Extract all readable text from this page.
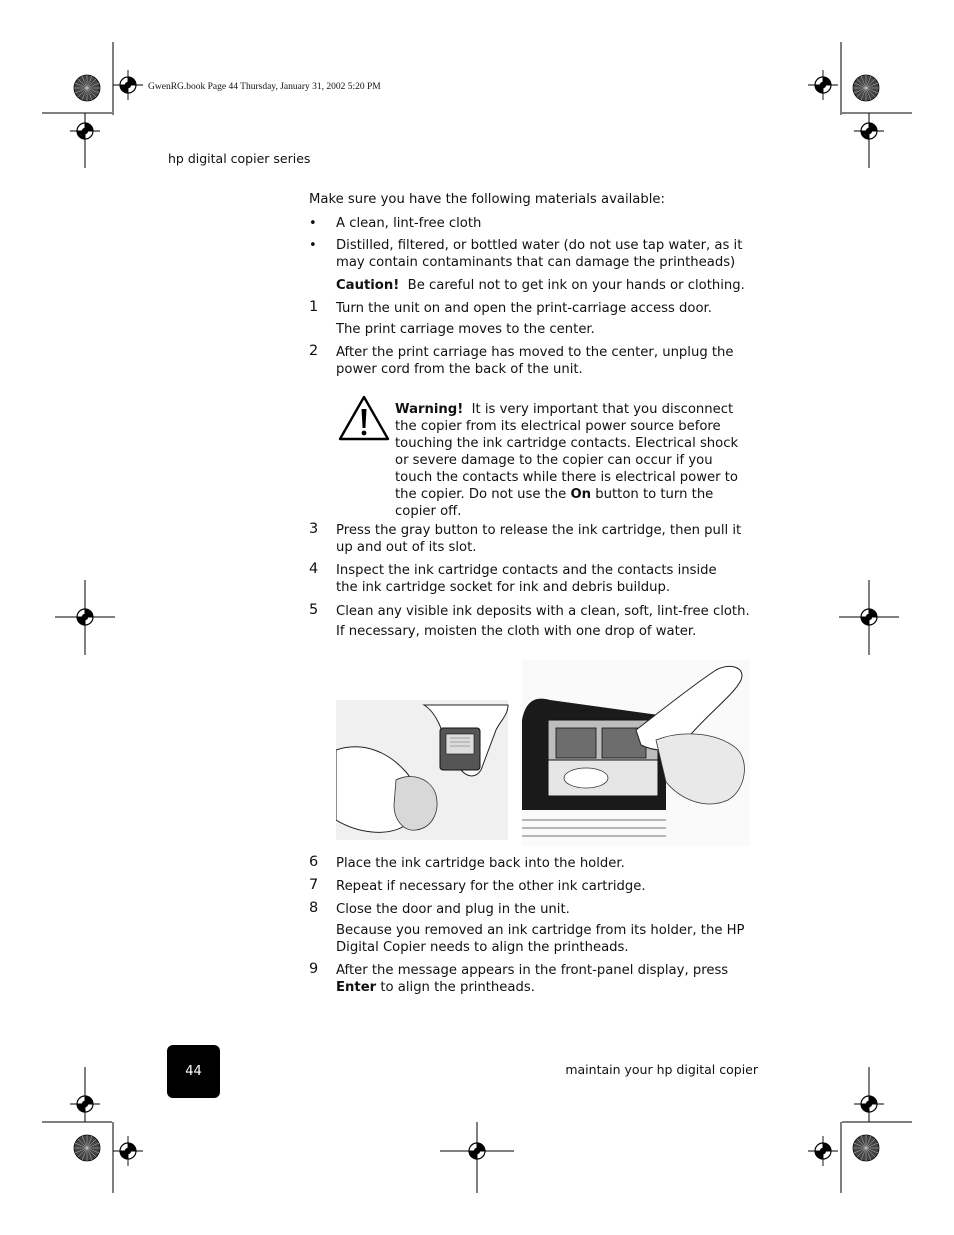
GwenRG.book Page 44 Thursday, January 31, 2002 5:20 PM
hp digital copier series
Make sure you have the following materials available:
• A clean, lint-free cloth
• Distilled, filtered, or bottled water (do not use tap water, as it may contain contaminants that can damage the printheads)
Caution! Be careful not to get ink on your hands or clothing.
1 Turn the unit on and open the print-carriage access door.
The print carriage moves to the center.
2 After the print carriage has moved to the center, unplug the power cord from the back of the unit.
Warning! It is very important that you disconnect the copier from its electrical power source before touching the ink cartridge contacts. Electrical shock or severe damage to the copier can occur if you touch the contacts while there is electrical power to the copier. Do not use the On button to turn the copier off.
3 Press the gray button to release the ink cartridge, then pull it up and out of its slot.
4 Inspect the ink cartridge contacts and the contacts inside the ink cartridge socket for ink and debris buildup.
5 Clean any visible ink deposits with a clean, soft, lint-free cloth.
If necessary, moisten the cloth with one drop of water.
6 Place the ink cartridge back into the holder.
7 Repeat if necessary for the other ink cartridge.
8 Close the door and plug in the unit.
Because you removed an ink cartridge from its holder, the HP Digital Copier needs to align the printheads.
9 After the message appears in the front-panel display, press Enter to align the printheads.
44	maintain your hp digital copier
